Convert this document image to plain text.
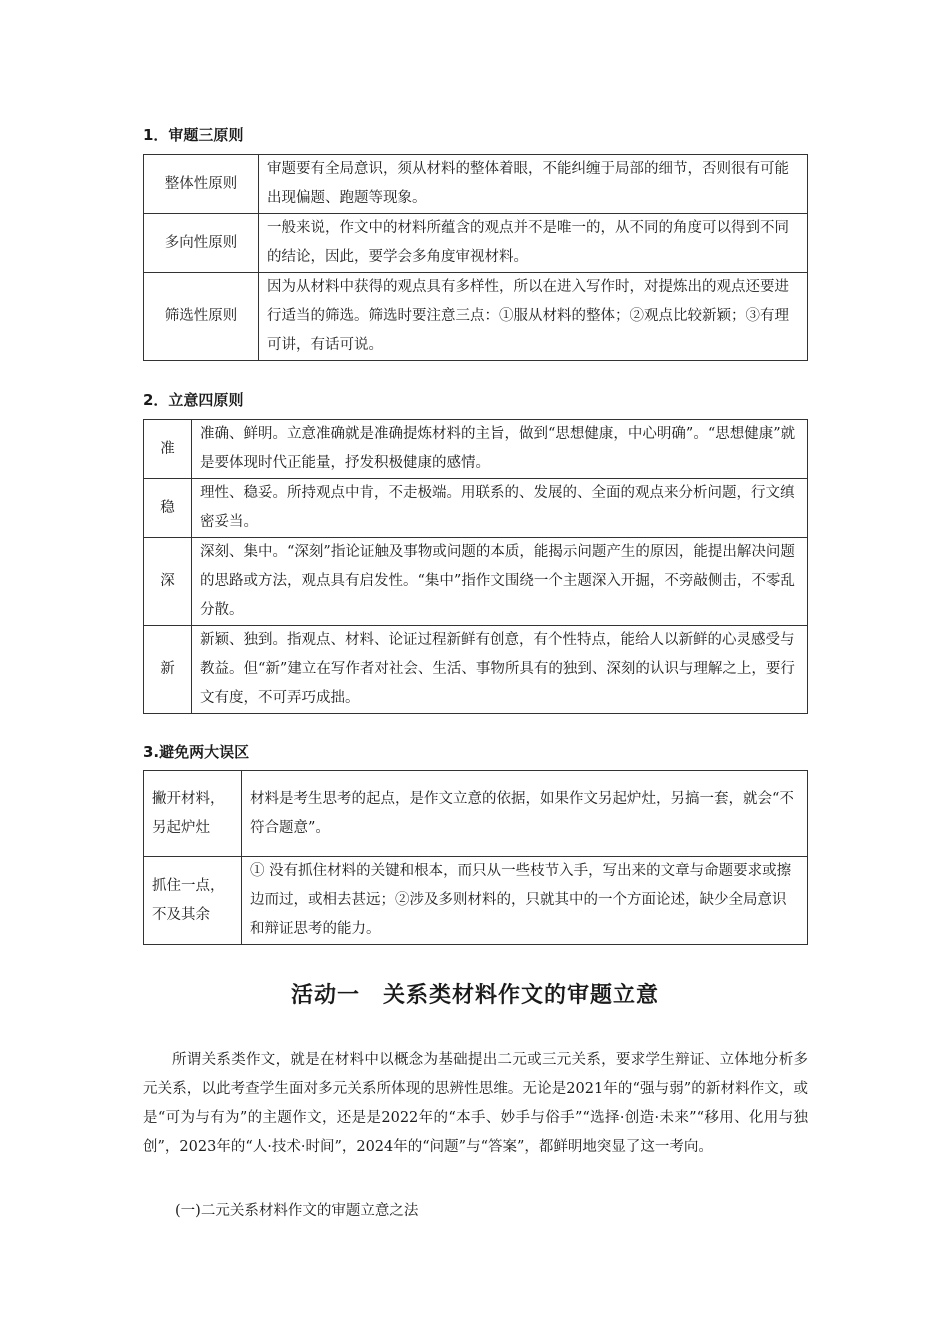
1．审题三原则
整体性原则	审题要有全局意识，须从材料的整体着眼，不能纠缠于局部的细节，否则很有可能出现偏题、跑题等现象。
多向性原则	一般来说，作文中的材料所蕴含的观点并不是唯一的，从不同的角度可以得到不同的结论，因此，要学会多角度审视材料。
筛选性原则	因为从材料中获得的观点具有多样性，所以在进入写作时，对提炼出的观点还要进行适当的筛选。筛选时要注意三点：①服从材料的整体；②观点比较新颖；③有理可讲，有话可说。
2．立意四原则
准	准确、鲜明。立意准确就是准确提炼材料的主旨，做到“思想健康，中心明确”。“思想健康”就是要体现时代正能量，抒发积极健康的感情。
稳	理性、稳妥。所持观点中肯，不走极端。用联系的、发展的、全面的观点来分析问题，行文缜密妥当。
深	深刻、集中。“深刻”指论证触及事物或问题的本质，能揭示问题产生的原因，能提出解决问题的思路或方法，观点具有启发性。“集中”指作文围绕一个主题深入开掘，不旁敲侧击，不零乱分散。
新	新颖、独到。指观点、材料、论证过程新鲜有创意，有个性特点，能给人以新鲜的心灵感受与教益。但“新”建立在写作者对社会、生活、事物所具有的独到、深刻的认识与理解之上，要行文有度，不可弄巧成拙。
3.避免两大误区
撇开材料，另起炉灶	材料是考生思考的起点，是作文立意的依据，如果作文另起炉灶，另搞一套，就会“不符合题意”。
抓住一点，不及其余	① 没有抓住材料的关键和根本，而只从一些枝节入手，写出来的文章与命题要求或擦边而过，或相去甚远；②涉及多则材料的，只就其中的一个方面论述，缺少全局意识和辩证思考的能力。
活动一　关系类材料作文的审题立意
所谓关系类作文，就是在材料中以概念为基础提出二元或三元关系，要求学生辩证、立体地分析多元关系，以此考查学生面对多元关系所体现的思辨性思维。无论是2021年的“强与弱”的新材料作文，或是“可为与有为”的主题作文，还是是2022年的“本手、妙手与俗手”“选择·创造·未来”“移用、化用与独创”，2023年的“人·技术·时间”，2024年的“问题”与“答案”，都鲜明地突显了这一考向。
(一)二元关系材料作文的审题立意之法
